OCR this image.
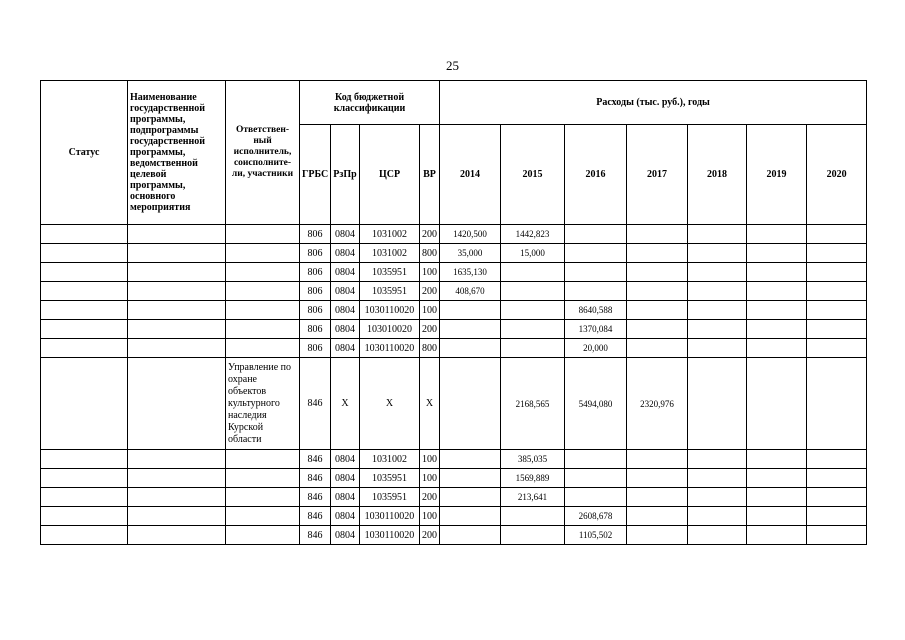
25
Статус	Наименование государственной программы, подпрограммы государственной программы, ведомственной целевой программы, основного мероприятия	Ответствен-ный исполнитель, соисполните-ли, участники	Код бюджетной классификации				Расходы (тыс. руб.), годы						
			ГРБС	РзПр	ЦСР	ВР	2014	2015	2016	2017	2018	2019	2020
			806	0804	1031002	200	1420,500	1442,823					
			806	0804	1031002	800	35,000	15,000					
			806	0804	1035951	100	1635,130						
			806	0804	1035951	200	408,670						
			806	0804	1030110020	100			8640,588				
			806	0804	103010020	200			1370,084				
			806	0804	1030110020	800			20,000				
		Управление по охране объектов культурного наследия Курской области	846	X	X	X		2168,565	5494,080	2320,976			
			846	0804	1031002	100		385,035					
			846	0804	1035951	100		1569,889					
			846	0804	1035951	200		213,641					
			846	0804	1030110020	100			2608,678				
			846	0804	1030110020	200			1105,502				
